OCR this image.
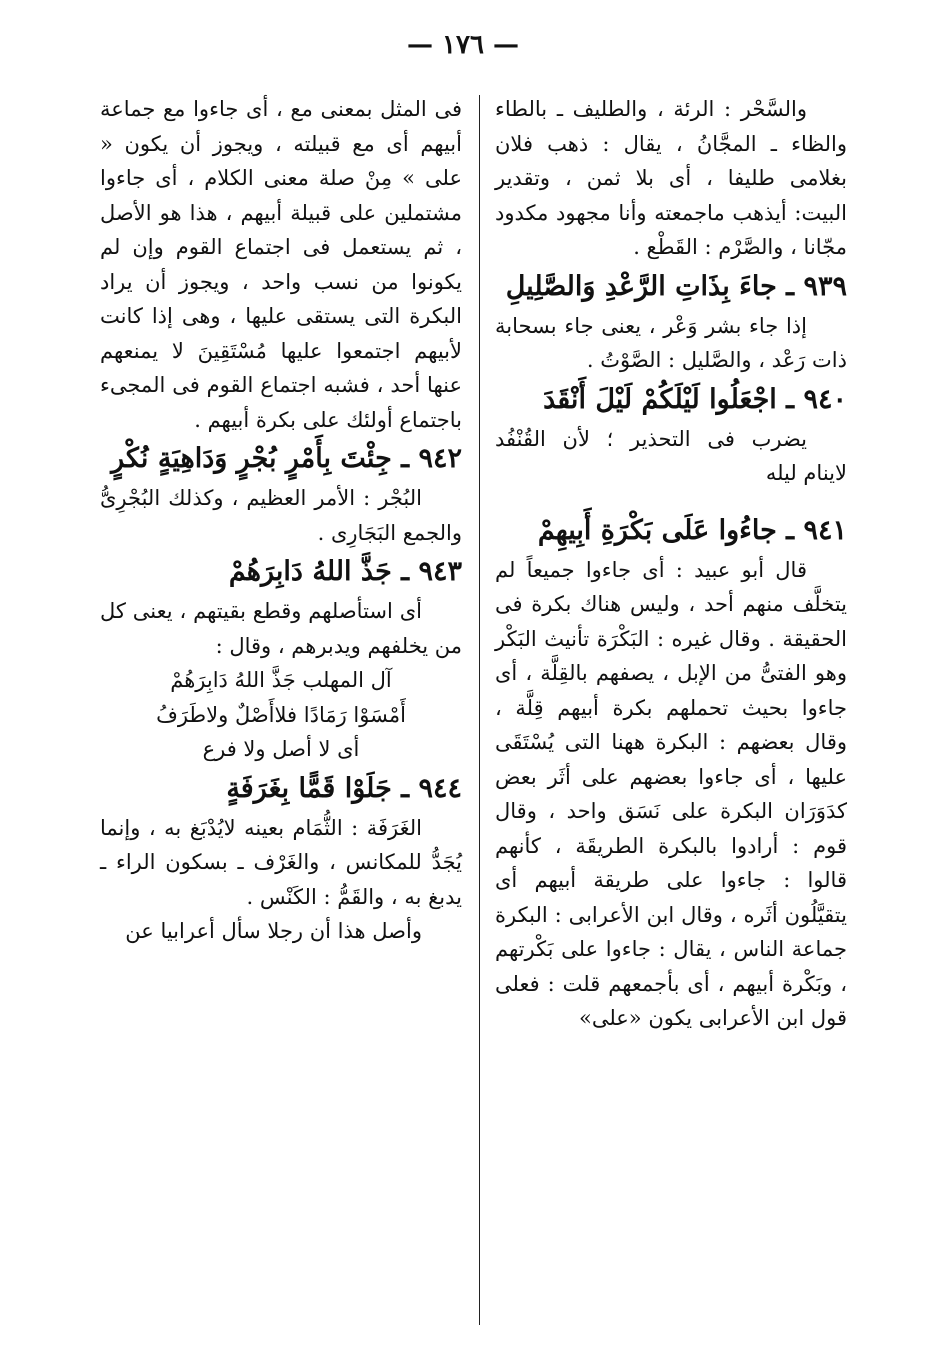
— ١٧٦ —

والسَّحْر : الرئة ، والطليف ـ بالطاء والظاء ـ المجَّانُ ، يقال : ذهب فلان بغلامى طليفا ، أى بلا ثمن ، وتقدير البيت: أيذهب ماجمعته وأنا مجهود مكدود مجّانا ، والصَّرْم : القَطْع .

٩٣٩ ـ جاءَ بِذَاتِ الرَّعْدِ وَالصَّلِيلِ

إذا جاء بشر وَعْر ، يعنى جاء بسحابة ذات رَعْد ، والصَّليل : الصَّوْتُ .

٩٤٠ ـ اجْعَلُوا لَيْلَكُمْ لَيْلَ أَنْقَدَ

يضرب فى التحذير ؛ لأن القُنْفُد لاينام ليله

٩٤١ ـ جاءُوا عَلَى بَكْرَةِ أَبِيهِمْ

قال أبو عبيد : أى جاءوا جميعاً لم يتخلَّف منهم أحد ، وليس هناك بكرة فى الحقيقة . وقال غيره : البَكْرَة تأنيث البَكْر وهو الفتىُّ من الإبل ، يصفهم بالقِلَّة ، أى جاءوا بحيث تحملهم بكرة أبيهم قِلَّة ، وقال بعضهم : البكرة ههنا التى يُسْتَقَى عليها ، أى جاءوا بعضهم على أثَر بعض كدَوَرَان البكرة على نَسَق واحد ، وقال قوم : أرادوا بالبكرة الطريقَة ، كأنهم قالوا : جاءوا على طريقة أبيهم أى يتقيَّلُون أثَره ، وقال ابن الأعرابى : البكرة جماعة الناس ، يقال : جاءوا على بَكْرتهم ، وبَكْرة أبيهم ، أى بأجمعهم قلت : فعلى قول ابن الأعرابى يكون «على»

فى المثل بمعنى مع ، أى جاءوا مع جماعة أبيهم أى مع قبيلته ، ويجوز أن يكون « على » مِنْ صلة معنى الكلام ، أى جاءوا مشتملين على قبيلة أبيهم ، هذا هو الأصل ، ثم يستعمل فى اجتماع القوم وإن لم يكونوا من نسب واحد ، ويجوز أن يراد البكرة التى يستقى عليها ، وهى إذا كانت لأبيهم اجتمعوا عليها مُسْتَقِينَ لا يمنعهم عنها أحد ، فشبه اجتماع القوم فى المجىء باجتماع أولئك على بكرة أبيهم .

٩٤٢ ـ جِئْتَ بِأَمْرٍ بُجْرٍ وَدَاهِيَةٍ نُكْرٍ

البُجْر : الأمر العظيم ، وكذلك البُجْرِىُّ والجمع البَجَارِى .

٩٤٣ ـ جَذَّ اللهُ دَابِرَهُمْ

أى استأصلهم وقطع بقيتهم ، يعنى كل من يخلفهم ويدبرهم ، وقال :

آل المهلب جَذَّ اللهُ دَابِرَهُمْ

أَمْسَوْا رَمَادًا فلاأَصْلٌ ولاطَرَفُ

أى لا أصل ولا فرع

٩٤٤ ـ جَلَوْا قَمًّا بِغَرَفَةٍ

الغَرَفَة : الثُّمَام بعينه لايُدْبَغ به ، وإنما يُجَدُّ للمكانس ، والغَرْف ـ بسكون الراء ـ يدبغ به ، والقَمُّ : الكَنْس .

وأصل هذا أن رجلا سأل أعرابيا عن
